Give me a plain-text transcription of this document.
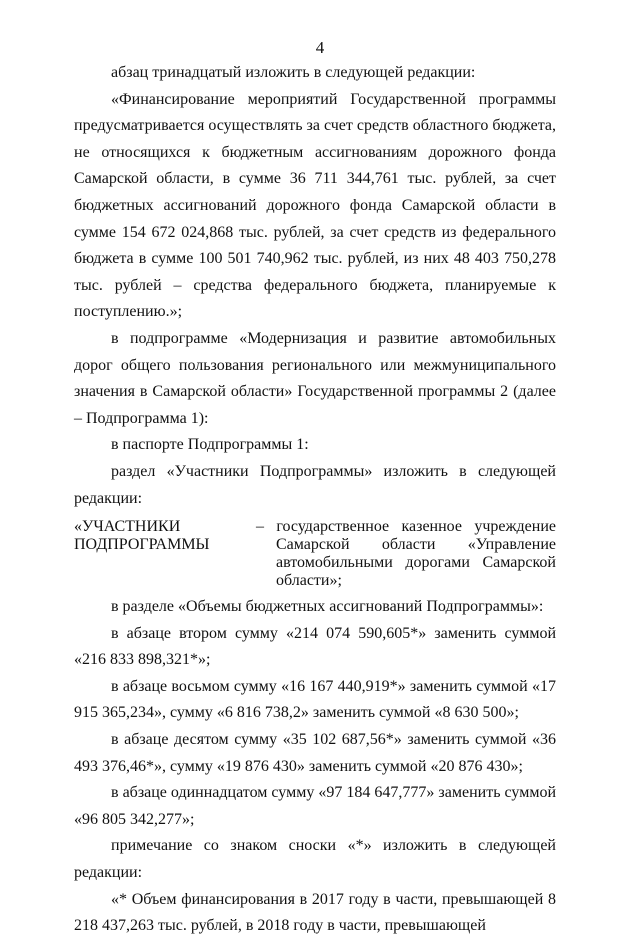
4

абзац тринадцатый изложить в следующей редакции:

«Финансирование мероприятий Государственной программы предусматривается осуществлять за счет средств областного бюджета, не относящихся к бюджетным ассигнованиям дорожного фонда Самарской области, в сумме 36 711 344,761 тыс. рублей, за счет бюджетных ассигнований дорожного фонда Самарской области в сумме 154 672 024,868 тыс. рублей, за счет средств из федерального бюджета в сумме 100 501 740,962 тыс. рублей, из них 48 403 750,278 тыс. рублей – средства федерального бюджета, планируемые к поступлению.»;

в подпрограмме «Модернизация и развитие автомобильных дорог общего пользования регионального или межмуниципального значения в Самарской области» Государственной программы 2 (далее – Подпрограмма 1):

в паспорте Подпрограммы 1:

раздел «Участники Подпрограммы» изложить в следующей редакции:

«УЧАСТНИКИ ПОДПРОГРАММЫ
– государственное казенное учреждение Самарской области «Управление автомобильными дорогами Самарской области»;

в разделе «Объемы бюджетных ассигнований Подпрограммы»:

в абзаце втором сумму «214 074 590,605*» заменить суммой «216 833 898,321*»;

в абзаце восьмом сумму «16 167 440,919*» заменить суммой «17 915 365,234», сумму «6 816 738,2» заменить суммой «8 630 500»;

в абзаце десятом сумму «35 102 687,56*» заменить суммой «36 493 376,46*», сумму «19 876 430» заменить суммой «20 876 430»;

в абзаце одиннадцатом сумму «97 184 647,777» заменить суммой «96 805 342,277»;

примечание со знаком сноски «*» изложить в следующей редакции:

«* Объем финансирования в 2017 году в части, превышающей 8 218 437,263 тыс. рублей, в 2018 году в части, превышающей
